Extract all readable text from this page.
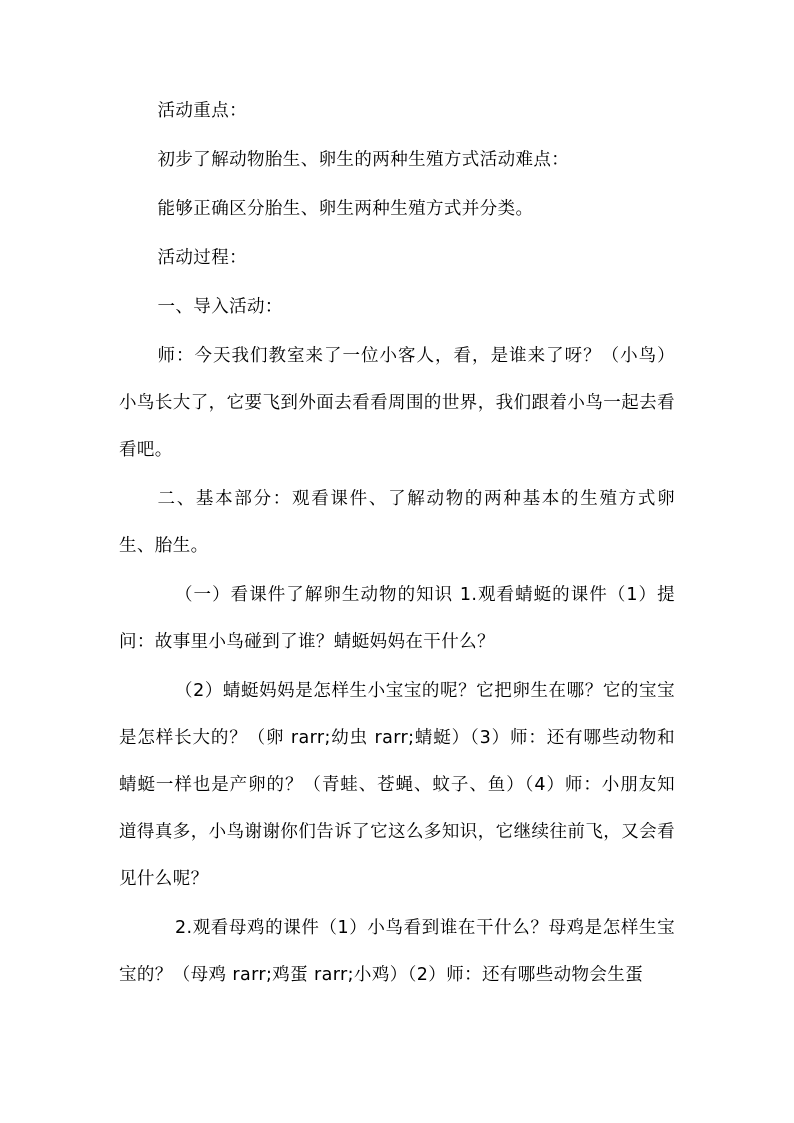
活动重点：

初步了解动物胎生、卵生的两种生殖方式活动难点：

能够正确区分胎生、卵生两种生殖方式并分类。

活动过程：

一、导入活动：

师：今天我们教室来了一位小客人，看，是谁来了呀？（小鸟）小鸟长大了，它要飞到外面去看看周围的世界，我们跟着小鸟一起去看看吧。

二、基本部分：观看课件、了解动物的两种基本的生殖方式卵生、胎生。

（一）看课件了解卵生动物的知识 1.观看蜻蜓的课件（1）提问：故事里小鸟碰到了谁？蜻蜓妈妈在干什么？

（2）蜻蜓妈妈是怎样生小宝宝的呢？它把卵生在哪？它的宝宝是怎样长大的？（卵 rarr;幼虫 rarr;蜻蜓）（3）师：还有哪些动物和蜻蜓一样也是产卵的？（青蛙、苍蝇、蚊子、鱼）（4）师：小朋友知道得真多，小鸟谢谢你们告诉了它这么多知识，它继续往前飞，又会看见什么呢？

2.观看母鸡的课件（1）小鸟看到谁在干什么？母鸡是怎样生宝宝的？（母鸡 rarr;鸡蛋 rarr;小鸡）（2）师：还有哪些动物会生蛋
